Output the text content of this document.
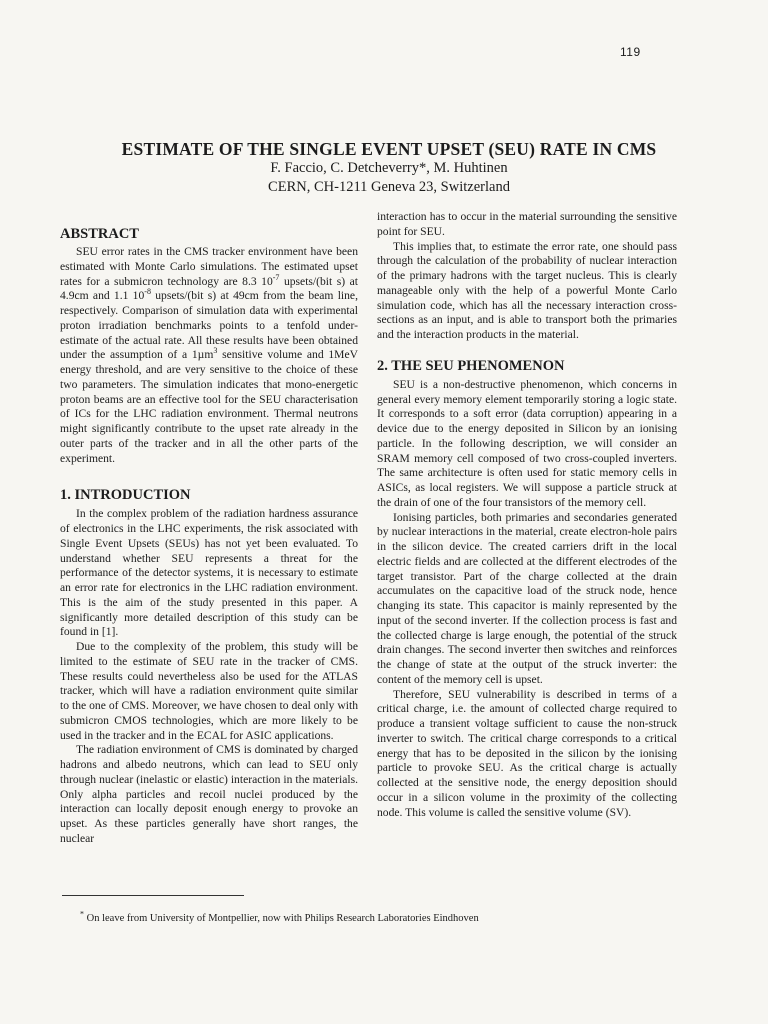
119
ESTIMATE OF THE SINGLE EVENT UPSET (SEU) RATE IN CMS
F. Faccio, C. Detcheverry*, M. Huhtinen
CERN, CH-1211 Geneva 23, Switzerland
ABSTRACT

SEU error rates in the CMS tracker environment have been estimated with Monte Carlo simulations. The estimated upset rates for a submicron technology are 8.3 $10^{-7}$ upsets/(bit s) at 4.9cm and 1.1 $10^{-8}$ upsets/(bit s) at 49cm from the beam line, respectively. Comparison of simulation data with experimental proton irradiation benchmarks points to a tenfold under-estimate of the actual rate. All these results have been obtained under the assumption of a 1µm$^3$ sensitive volume and 1MeV energy threshold, and are very sensitive to the choice of these two parameters. The simulation indicates that mono-energetic proton beams are an effective tool for the SEU characterisation of ICs for the LHC radiation environment. Thermal neutrons might significantly contribute to the upset rate already in the outer parts of the tracker and in all the other parts of the experiment.

1. INTRODUCTION

In the complex problem of the radiation hardness assurance of electronics in the LHC experiments, the risk associated with Single Event Upsets (SEUs) has not yet been evaluated. To understand whether SEU represents a threat for the performance of the detector systems, it is necessary to estimate an error rate for electronics in the LHC radiation environment. This is the aim of the study presented in this paper. A significantly more detailed description of this study can be found in [1].

Due to the complexity of the problem, this study will be limited to the estimate of SEU rate in the tracker of CMS. These results could nevertheless also be used for the ATLAS tracker, which will have a radiation environment quite similar to the one of CMS. Moreover, we have chosen to deal only with submicron CMOS technologies, which are more likely to be used in the tracker and in the ECAL for ASIC applications.

The radiation environment of CMS is dominated by charged hadrons and albedo neutrons, which can lead to SEU only through nuclear (inelastic or elastic) interaction in the materials. Only alpha particles and recoil nuclei produced by the interaction can locally deposit enough energy to provoke an upset. As these particles generally have short ranges, the nuclear

interaction has to occur in the material surrounding the sensitive point for SEU.

This implies that, to estimate the error rate, one should pass through the calculation of the probability of nuclear interaction of the primary hadrons with the target nucleus. This is clearly manageable only with the help of a powerful Monte Carlo simulation code, which has all the necessary interaction cross-sections as an input, and is able to transport both the primaries and the interaction products in the material.

2. THE SEU PHENOMENON

SEU is a non-destructive phenomenon, which concerns in general every memory element temporarily storing a logic state. It corresponds to a soft error (data corruption) appearing in a device due to the energy deposited in Silicon by an ionising particle. In the following description, we will consider an SRAM memory cell composed of two cross-coupled inverters. The same architecture is often used for static memory cells in ASICs, as local registers. We will suppose a particle struck at the drain of one of the four transistors of the memory cell.

Ionising particles, both primaries and secondaries generated by nuclear interactions in the material, create electron-hole pairs in the silicon device. The created carriers drift in the local electric fields and are collected at the different electrodes of the target transistor. Part of the charge collected at the drain accumulates on the capacitive load of the struck node, hence changing its state. This capacitor is mainly represented by the input of the second inverter. If the collection process is fast and the collected charge is large enough, the potential of the struck drain changes. The second inverter then switches and reinforces the change of state at the output of the struck inverter: the content of the memory cell is upset.

Therefore, SEU vulnerability is described in terms of a critical charge, i.e. the amount of collected charge required to produce a transient voltage sufficient to cause the non-struck inverter to switch. The critical charge corresponds to a critical energy that has to be deposited in the silicon by the ionising particle to provoke SEU. As the critical charge is actually collected at the sensitive node, the energy deposition should occur in a silicon volume in the proximity of the collecting node. This volume is called the sensitive volume (SV).

* On leave from University of Montpellier, now with Philips Research Laboratories Eindhoven
